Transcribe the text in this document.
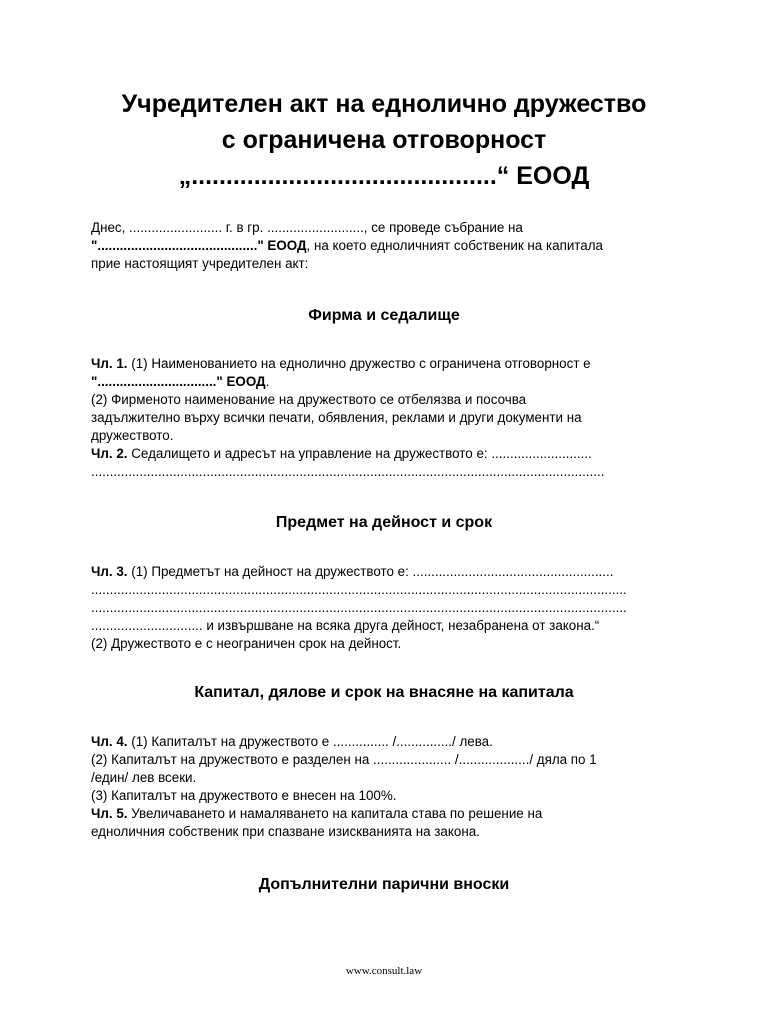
Учредителен акт на еднолично дружество
с ограничена отговорност
„............................................“ ЕООД

Днес, ......................... г. в гр. .........................., се проведе събрание на

"..........................................." ЕООД, на което едноличният собственик на капитала

прие настоящият учредителен акт:

Фирма и седалище

Чл. 1. (1) Наименованието на еднолично дружество с ограничена отговорност е

"................................" ЕООД.

(2) Фирменото наименование на дружеството се отбелязва и посочва

задължително върху всички печати, обявления, реклами и други документи на

дружеството.

Чл. 2. Седалището и адресът на управление на дружеството е: ...........................

..........................................................................................................................................

Предмет на дейност и срок

Чл. 3. (1) Предметът на дейност на дружеството е: ......................................................

................................................................................................................................................

................................................................................................................................................

.............................. и извършване на всяка друга дейност, незабранена от закона.“

(2) Дружеството е с неограничен срок на дейност.

Капитал, дялове и срок на внасяне на капитала

Чл. 4. (1) Капиталът на дружеството е ............... /.............../ лева.

(2) Капиталът на дружеството е разделен на ..................... /.................../ дяла по 1

/един/ лев всеки.

(3) Капиталът на дружеството е внесен на 100%.

Чл. 5. Увеличаването и намаляването на капитала става по решение на

едноличния собственик при спазване изискванията на закона.

Допълнителни парични вноски
www.consult.law
